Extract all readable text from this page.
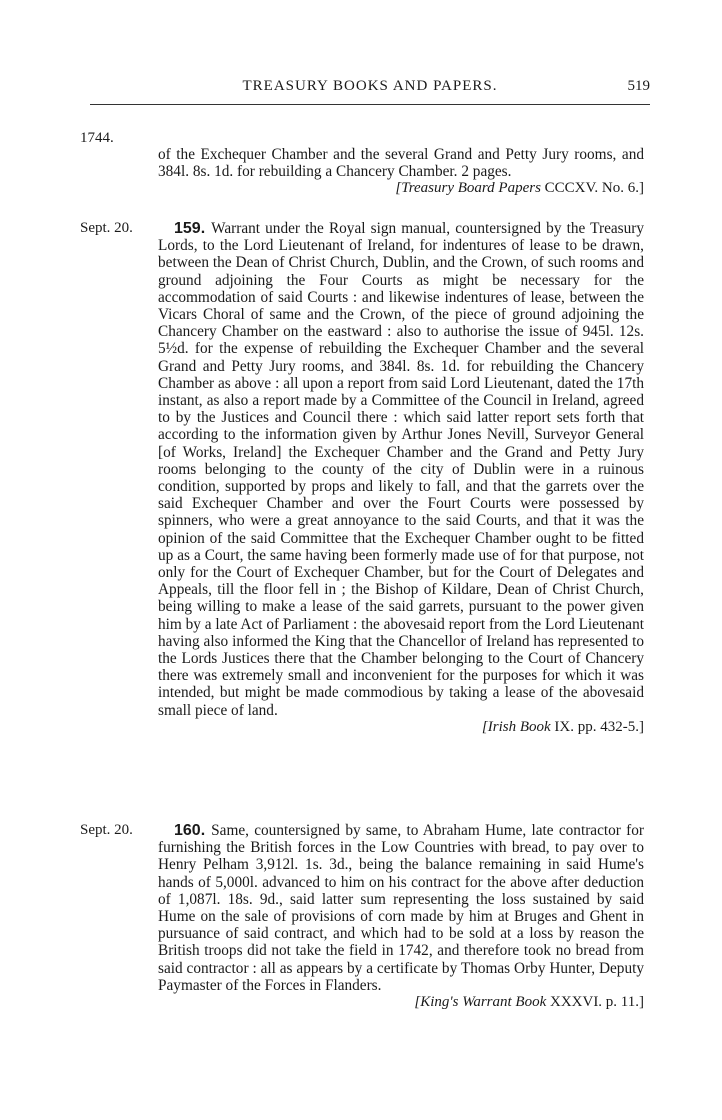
TREASURY BOOKS AND PAPERS.	519
1744.
Sept. 20.
Sept. 20.

of the Exchequer Chamber and the several Grand and Petty Jury rooms, and 384l. 8s. 1d. for rebuilding a Chancery Chamber. 2 pages.

[Treasury Board Papers CCCXV. No. 6.]

159. Warrant under the Royal sign manual, countersigned by the Treasury Lords, to the Lord Lieutenant of Ireland, for indentures of lease to be drawn, between the Dean of Christ Church, Dublin, and the Crown, of such rooms and ground adjoining the Four Courts as might be necessary for the accommodation of said Courts : and likewise indentures of lease, between the Vicars Choral of same and the Crown, of the piece of ground adjoining the Chancery Chamber on the eastward : also to authorise the issue of 945l. 12s. 5½d. for the expense of rebuilding the Exchequer Chamber and the several Grand and Petty Jury rooms, and 384l. 8s. 1d. for rebuilding the Chancery Chamber as above : all upon a report from said Lord Lieutenant, dated the 17th instant, as also a report made by a Committee of the Council in Ireland, agreed to by the Justices and Council there : which said latter report sets forth that according to the information given by Arthur Jones Nevill, Surveyor General [of Works, Ireland] the Exchequer Chamber and the Grand and Petty Jury rooms belonging to the county of the city of Dublin were in a ruinous condition, supported by props and likely to fall, and that the garrets over the said Exchequer Chamber and over the Fourt Courts were possessed by spinners, who were a great annoyance to the said Courts, and that it was the opinion of the said Committee that the Exchequer Chamber ought to be fitted up as a Court, the same having been formerly made use of for that purpose, not only for the Court of Exchequer Chamber, but for the Court of Delegates and Appeals, till the floor fell in ; the Bishop of Kildare, Dean of Christ Church, being willing to make a lease of the said garrets, pursuant to the power given him by a late Act of Parliament : the abovesaid report from the Lord Lieutenant having also informed the King that the Chancellor of Ireland has represented to the Lords Justices there that the Chamber belonging to the Court of Chancery there was extremely small and inconvenient for the purposes for which it was intended, but might be made commodious by taking a lease of the abovesaid small piece of land.

[Irish Book IX. pp. 432-5.]

160. Same, countersigned by same, to Abraham Hume, late contractor for furnishing the British forces in the Low Countries with bread, to pay over to Henry Pelham 3,912l. 1s. 3d., being the balance remaining in said Hume's hands of 5,000l. advanced to him on his contract for the above after deduction of 1,087l. 18s. 9d., said latter sum representing the loss sustained by said Hume on the sale of provisions of corn made by him at Bruges and Ghent in pursuance of said contract, and which had to be sold at a loss by reason the British troops did not take the field in 1742, and therefore took no bread from said contractor : all as appears by a certificate by Thomas Orby Hunter, Deputy Paymaster of the Forces in Flanders.

[King's Warrant Book XXXVI. p. 11.]
